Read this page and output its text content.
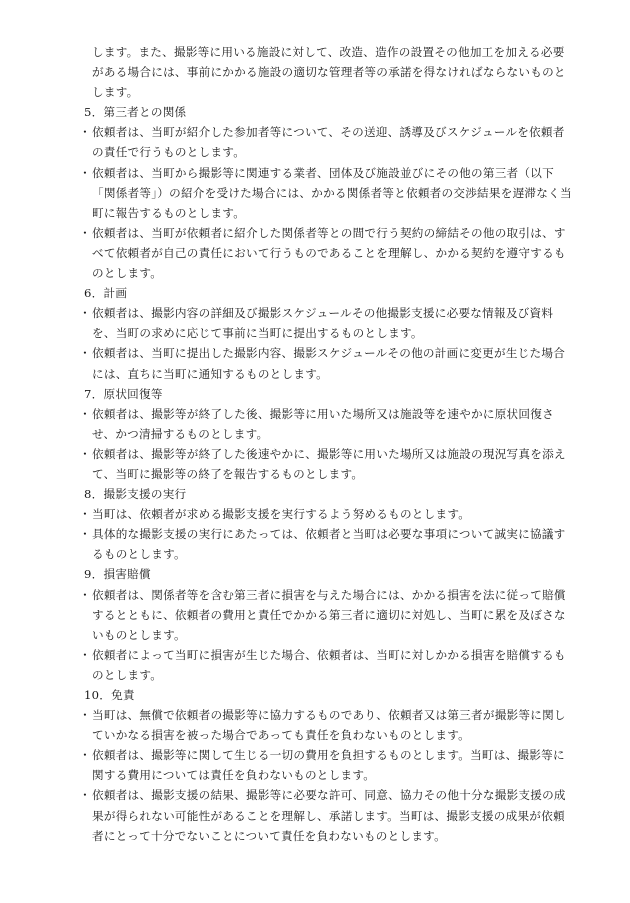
します。また、撮影等に用いる施設に対して、改造、造作の設置その他加工を加える必要がある場合には、事前にかかる施設の適切な管理者等の承諾を得なければならないものとします。

5．第三者との関係

・ 依頼者は、当町が紹介した参加者等について、その送迎、誘導及びスケジュールを依頼者の責任で行うものとします。

・ 依頼者は、当町から撮影等に関連する業者、団体及び施設並びにその他の第三者（以下「関係者等」）の紹介を受けた場合には、かかる関係者等と依頼者の交渉結果を遅滞なく当町に報告するものとします。

・ 依頼者は、当町が依頼者に紹介した関係者等との間で行う契約の締結その他の取引は、すべて依頼者が自己の責任において行うものであることを理解し、かかる契約を遵守するものとします。

6．計画

・ 依頼者は、撮影内容の詳細及び撮影スケジュールその他撮影支援に必要な情報及び資料を、当町の求めに応じて事前に当町に提出するものとします。

・ 依頼者は、当町に提出した撮影内容、撮影スケジュールその他の計画に変更が生じた場合には、直ちに当町に通知するものとします。

7．原状回復等

・ 依頼者は、撮影等が終了した後、撮影等に用いた場所又は施設等を速やかに原状回復させ、かつ清掃するものとします。

・ 依頼者は、撮影等が終了した後速やかに、撮影等に用いた場所又は施設の現況写真を添えて、当町に撮影等の終了を報告するものとします。

8．撮影支援の実行

・ 当町は、依頼者が求める撮影支援を実行するよう努めるものとします。

・ 具体的な撮影支援の実行にあたっては、依頼者と当町は必要な事項について誠実に協議するものとします。

9．損害賠償

・ 依頼者は、関係者等を含む第三者に損害を与えた場合には、かかる損害を法に従って賠償するとともに、依頼者の費用と責任でかかる第三者に適切に対処し、当町に累を及ぼさないものとします。

・ 依頼者によって当町に損害が生じた場合、依頼者は、当町に対しかかる損害を賠償するものとします。

10．免責

・ 当町は、無償で依頼者の撮影等に協力するものであり、依頼者又は第三者が撮影等に関していかなる損害を被った場合であっても責任を負わないものとします。

・ 依頼者は、撮影等に関して生じる一切の費用を負担するものとします。当町は、撮影等に関する費用については責任を負わないものとします。

・ 依頼者は、撮影支援の結果、撮影等に必要な許可、同意、協力その他十分な撮影支援の成果が得られない可能性があることを理解し、承諾します。当町は、撮影支援の成果が依頼者にとって十分でないことについて責任を負わないものとします。
